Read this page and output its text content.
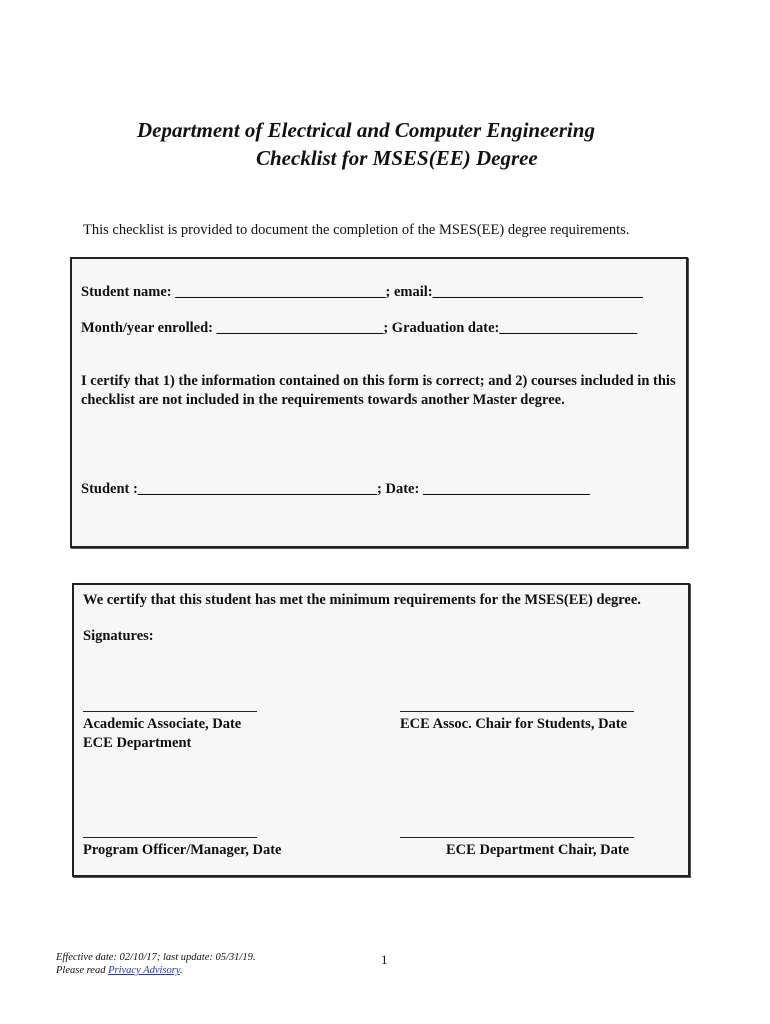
Department of Electrical and Computer Engineering
Checklist for MSES(EE) Degree
This checklist is provided to document the completion of the MSES(EE) degree requirements.
Student name: _____________________________; email:_____________________________
Month/year enrolled: _______________________; Graduation date:___________________
I certify that 1) the information contained on this form is correct; and 2) courses included in this checklist are not included in the requirements towards another Master degree.
Student :_________________________________; Date: _______________________
We certify that this student has met the minimum requirements for the MSES(EE) degree.
Signatures:
Academic Associate, Date
ECE Department
ECE Assoc. Chair for Students, Date
Program Officer/Manager, Date	ECE Department Chair, Date
Effective date: 02/10/17; last update: 05/31/19.
Please read Privacy Advisory.
1
